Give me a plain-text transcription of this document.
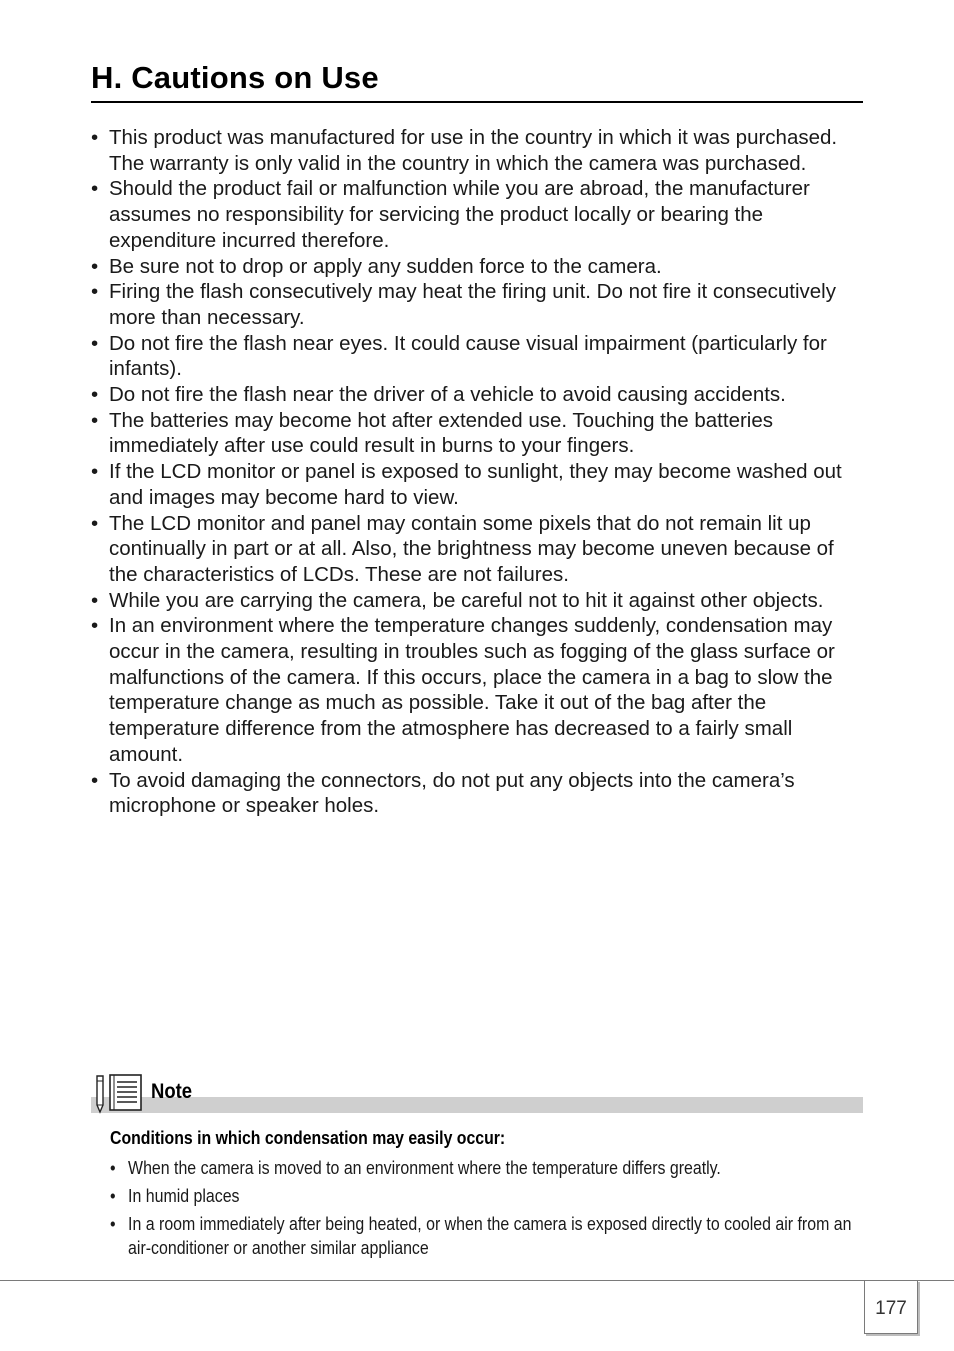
H. Cautions on Use
• This product was manufactured for use in the country in which it was purchased. The warranty is only valid in the country in which the camera was purchased.
• Should the product fail or malfunction while you are abroad, the manufacturer assumes no responsibility for servicing the product locally or bearing the expenditure incurred therefore.
• Be sure not to drop or apply any sudden force to the camera.
• Firing the flash consecutively may heat the firing unit. Do not fire it consecutively more than necessary.
• Do not fire the flash near eyes. It could cause visual impairment (particularly for infants).
• Do not fire the flash near the driver of a vehicle to avoid causing accidents.
• The batteries may become hot after extended use. Touching the batteries immediately after use could result in burns to your fingers.
• If the LCD monitor or panel is exposed to sunlight, they may become washed out and images may become hard to view.
• The LCD monitor and panel may contain some pixels that do not remain lit up continually in part or at all. Also, the brightness may become uneven because of the characteristics of LCDs. These are not failures.
• While you are carrying the camera, be careful not to hit it against other objects.
• In an environment where the temperature changes suddenly, condensation may occur in the camera, resulting in troubles such as fogging of the glass surface or malfunctions of the camera. If this occurs, place the camera in a bag to slow the temperature change as much as possible. Take it out of the bag after the temperature difference from the atmosphere has decreased to a fairly small amount.
• To avoid damaging the connectors, do not put any objects into the camera’s microphone or speaker holes.
Note

Conditions in which condensation may easily occur:

• When the camera is moved to an environment where the temperature differs greatly.
• In humid places
• In a room immediately after being heated, or when the camera is exposed directly to cooled air from an air-conditioner or another similar appliance
177
